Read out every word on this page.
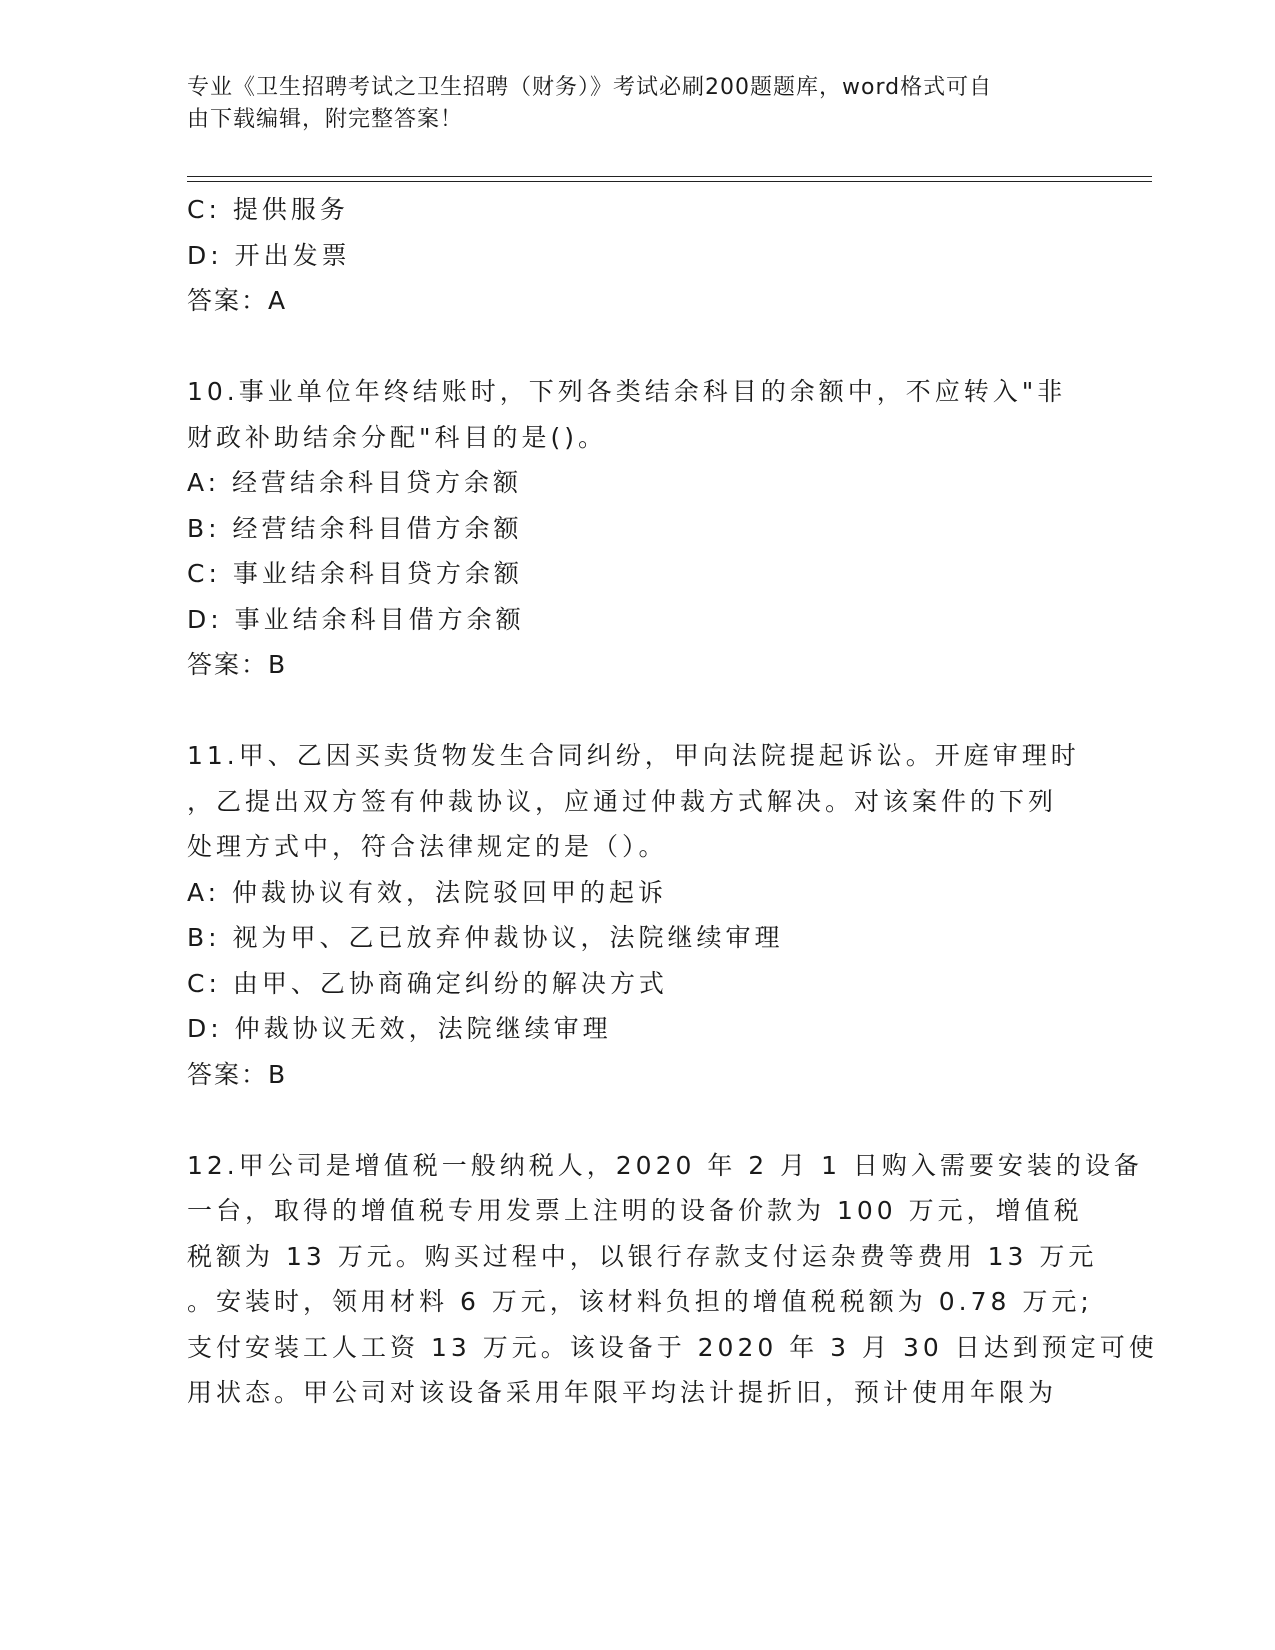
专业《卫生招聘考试之卫生招聘（财务）》考试必刷200题题库，word格式可自
由下载编辑，附完整答案！
C: 提供服务
D: 开出发票
答案：A
10.事业单位年终结账时，下列各类结余科目的余额中，不应转入"非
财政补助结余分配"科目的是()。
A: 经营结余科目贷方余额
B: 经营结余科目借方余额
C: 事业结余科目贷方余额
D: 事业结余科目借方余额
答案：B
11.甲、乙因买卖货物发生合同纠纷，甲向法院提起诉讼。开庭审理时
，乙提出双方签有仲裁协议，应通过仲裁方式解决。对该案件的下列
处理方式中，符合法律规定的是（）。
A: 仲裁协议有效，法院驳回甲的起诉
B: 视为甲、乙已放弃仲裁协议，法院继续审理
C: 由甲、乙协商确定纠纷的解决方式
D: 仲裁协议无效，法院继续审理
答案：B
12.甲公司是增值税一般纳税人，2020 年 2 月 1 日购入需要安装的设备
一台，取得的增值税专用发票上注明的设备价款为 100 万元，增值税
税额为 13 万元。购买过程中，以银行存款支付运杂费等费用 13 万元
。安装时，领用材料 6 万元，该材料负担的增值税税额为 0.78 万元;
支付安装工人工资 13 万元。该设备于 2020 年 3 月 30 日达到预定可使
用状态。甲公司对该设备采用年限平均法计提折旧，预计使用年限为
